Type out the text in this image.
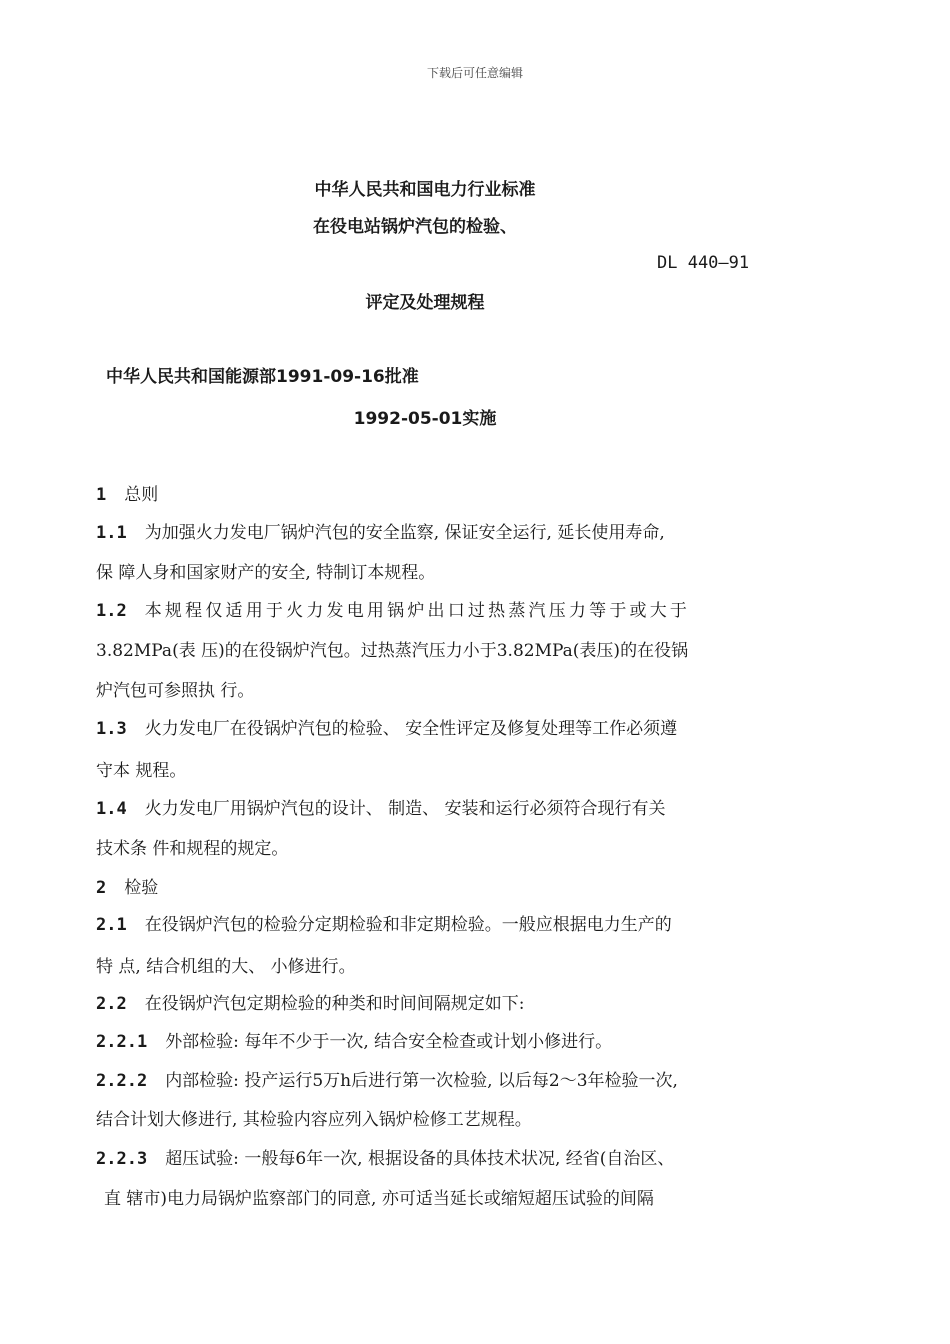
下载后可任意编辑
中华人民共和国电力行业标准
在役电站锅炉汽包的检验、
DL 440—91
评定及处理规程
中华人民共和国能源部1991-09-16批准
1992-05-01实施
1 总则
1.1 为加强火力发电厂锅炉汽包的安全监察, 保证安全运行, 延长使用寿命,
保 障人身和国家财产的安全, 特制订本规程。
1.2 本规程仅适用于火力发电用锅炉出口过热蒸汽压力等于或大于
3.82MPa(表 压)的在役锅炉汽包。过热蒸汽压力小于3.82MPa(表压)的在役锅
炉汽包可参照执 行。
1.3 火力发电厂在役锅炉汽包的检验、 安全性评定及修复处理等工作必须遵
守本 规程。
1.4 火力发电厂用锅炉汽包的设计、 制造、 安装和运行必须符合现行有关
技术条 件和规程的规定。
2 检验
2.1 在役锅炉汽包的检验分定期检验和非定期检验。一般应根据电力生产的
特 点, 结合机组的大、 小修进行。
2.2 在役锅炉汽包定期检验的种类和时间间隔规定如下:
2.2.1 外部检验: 每年不少于一次, 结合安全检查或计划小修进行。
2.2.2 内部检验: 投产运行5万h后进行第一次检验, 以后每2～3年检验一次,
结合计划大修进行, 其检验内容应列入锅炉检修工艺规程。
2.2.3 超压试验: 一般每6年一次, 根据设备的具体技术状况, 经省(自治区、
直 辖市)电力局锅炉监察部门的同意, 亦可适当延长或缩短超压试验的间隔
